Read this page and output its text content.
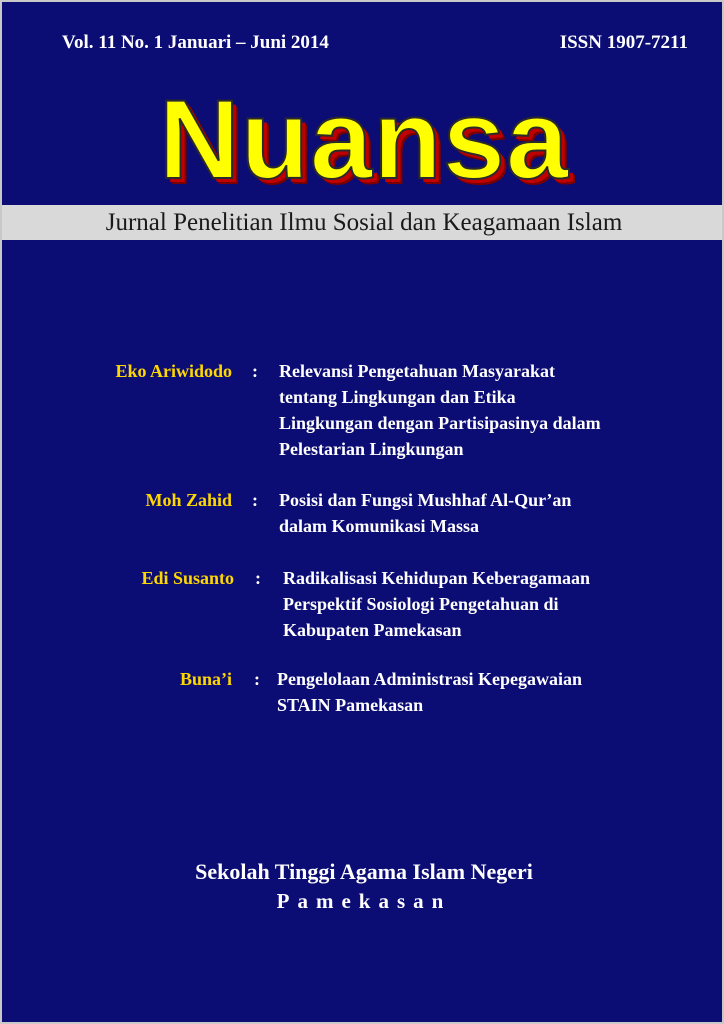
Vol. 11 No. 1 Januari – Juni 2014	ISSN 1907-7211
Nuansa
Jurnal Penelitian Ilmu Sosial dan Keagamaan Islam
Eko Ariwidodo : Relevansi Pengetahuan Masyarakat
tentang Lingkungan dan Etika
Lingkungan dengan Partisipasinya dalam
Pelestarian Lingkungan
Moh Zahid : Posisi dan Fungsi Mushhaf Al-Qur’an
dalam Komunikasi Massa
Edi Susanto : Radikalisasi Kehidupan Keberagamaan
Perspektif Sosiologi Pengetahuan di
Kabupaten Pamekasan
Buna’i : Pengelolaan Administrasi Kepegawaian
STAIN Pamekasan
Sekolah Tinggi Agama Islam Negeri
Pamekasan
